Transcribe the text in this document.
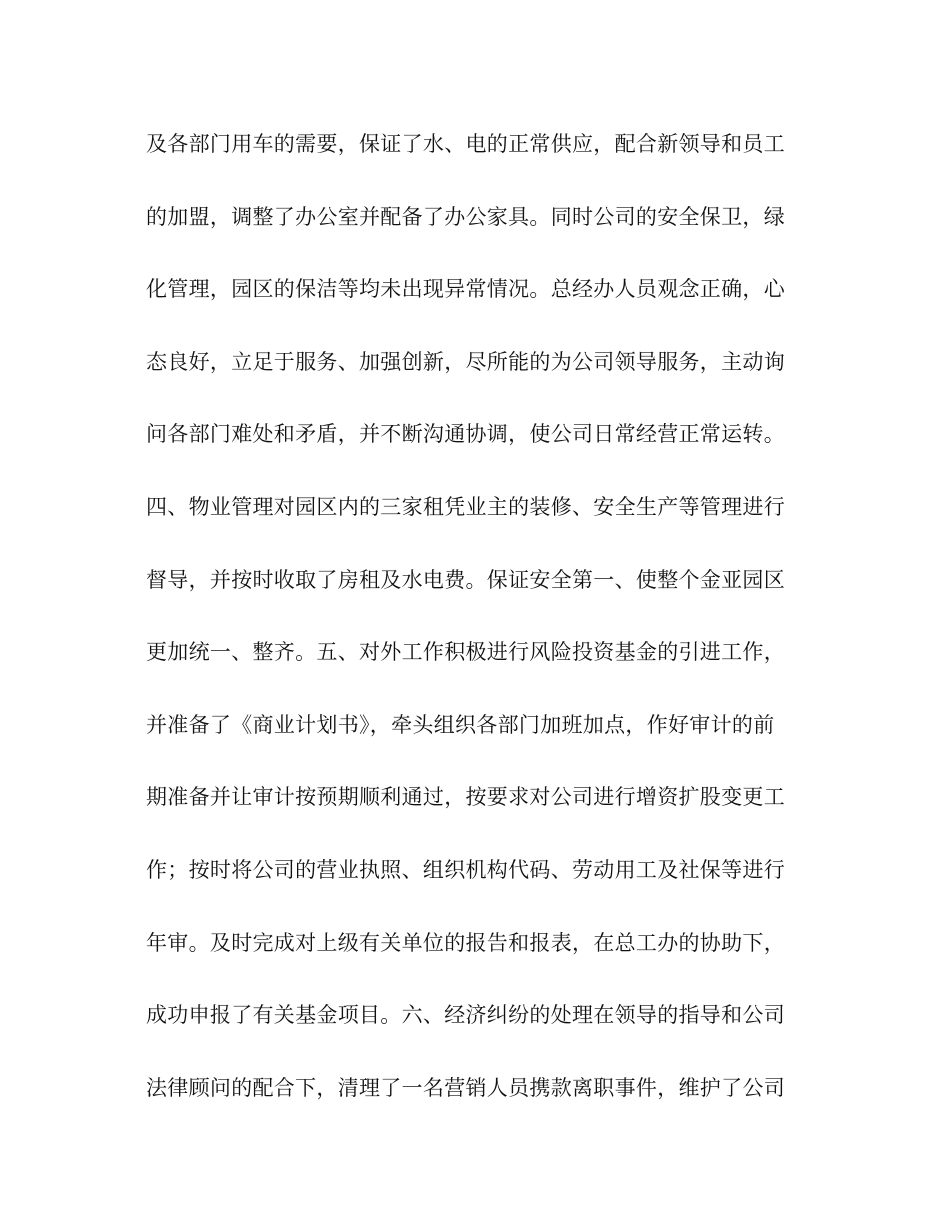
及各部门用车的需要，保证了水、电的正常供应，配合新领导和员工
的加盟，调整了办公室并配备了办公家具。同时公司的安全保卫，绿
化管理，园区的保洁等均未出现异常情况。总经办人员观念正确，心
态良好，立足于服务、加强创新，尽所能的为公司领导服务，主动询
问各部门难处和矛盾，并不断沟通协调，使公司日常经营正常运转。
四、物业管理对园区内的三家租凭业主的装修、安全生产等管理进行
督导，并按时收取了房租及水电费。保证安全第一、使整个金亚园区
更加统一、整齐。五、对外工作积极进行风险投资基金的引进工作，
并准备了《商业计划书》，牵头组织各部门加班加点，作好审计的前
期准备并让审计按预期顺利通过，按要求对公司进行增资扩股变更工
作；按时将公司的营业执照、组织机构代码、劳动用工及社保等进行
年审。及时完成对上级有关单位的报告和报表，在总工办的协助下，
成功申报了有关基金项目。六、经济纠纷的处理在领导的指导和公司
法律顾问的配合下，清理了一名营销人员携款离职事件，维护了公司
